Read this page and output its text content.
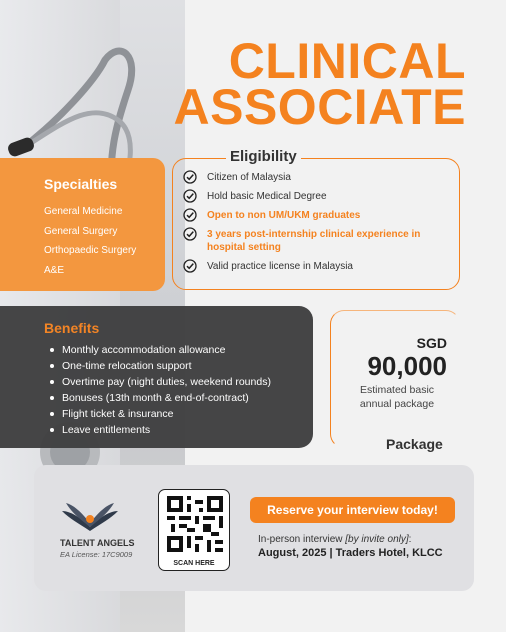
CLINICAL
ASSOCIATE
Specialties
General Medicine
General Surgery
Orthopaedic Surgery
A&E
Citizen of Malaysia
Hold basic Medical Degree
Open to non UM/UKM graduates
3 years post-internship clinical experience in hospital setting
Valid practice license in Malaysia
Eligibility
Benefits
Monthly accommodation allowance
One-time relocation support
Overtime pay (night duties, weekend rounds)
Bonuses (13th month & end-of-contract)
Flight ticket & insurance
Leave entitlements
SGD
90,000
Estimated basic annual package
Package
TALENT ANGELS
EA License: 17C9009
SCAN HERE
Reserve your interview today!
In-person interview [by invite only]:
August, 2025 | Traders Hotel, KLCC
